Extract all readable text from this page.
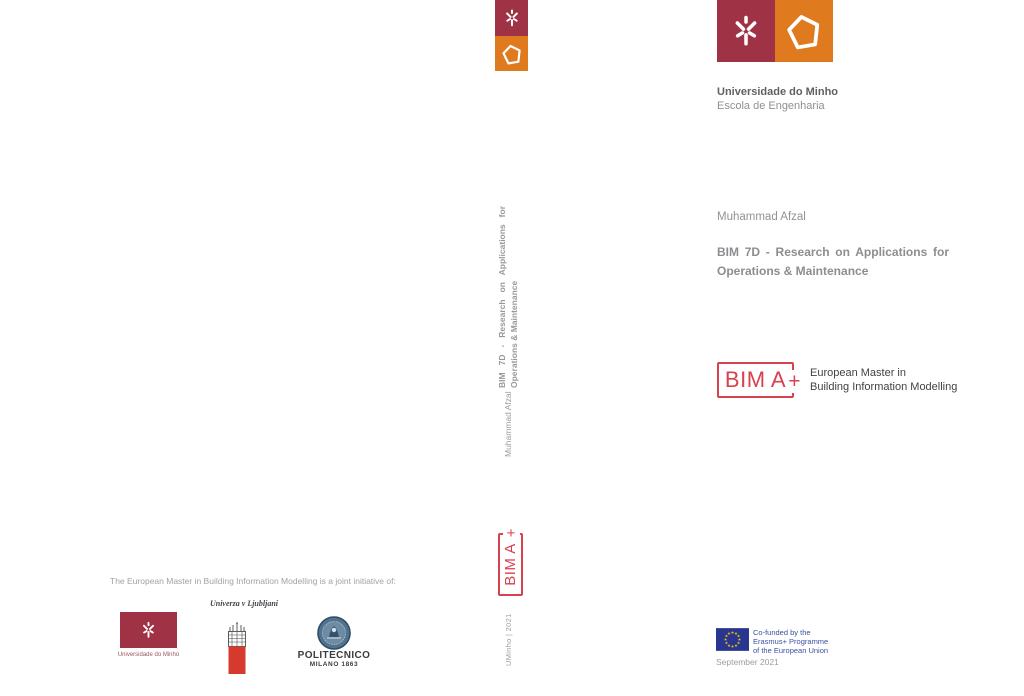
BIM 7D - Research on Applications for Operations & Maintenance
Muhammad Afzal
BIM A
+
UMinho | 2021
Universidade do Minho
Escola de Engenharia
Muhammad Afzal
BIM 7D - Research on Applications for
Operations & Maintenance
BIM A + European Master in
Building Information Modelling
Co-funded by the
Erasmus+ Programme
of the European Union
September 2021
The European Master in Building Information Modelling is a joint initiative of:
Universidade do Minho
Univerza v Ljubljani
POLITECNICO
MILANO 1863
